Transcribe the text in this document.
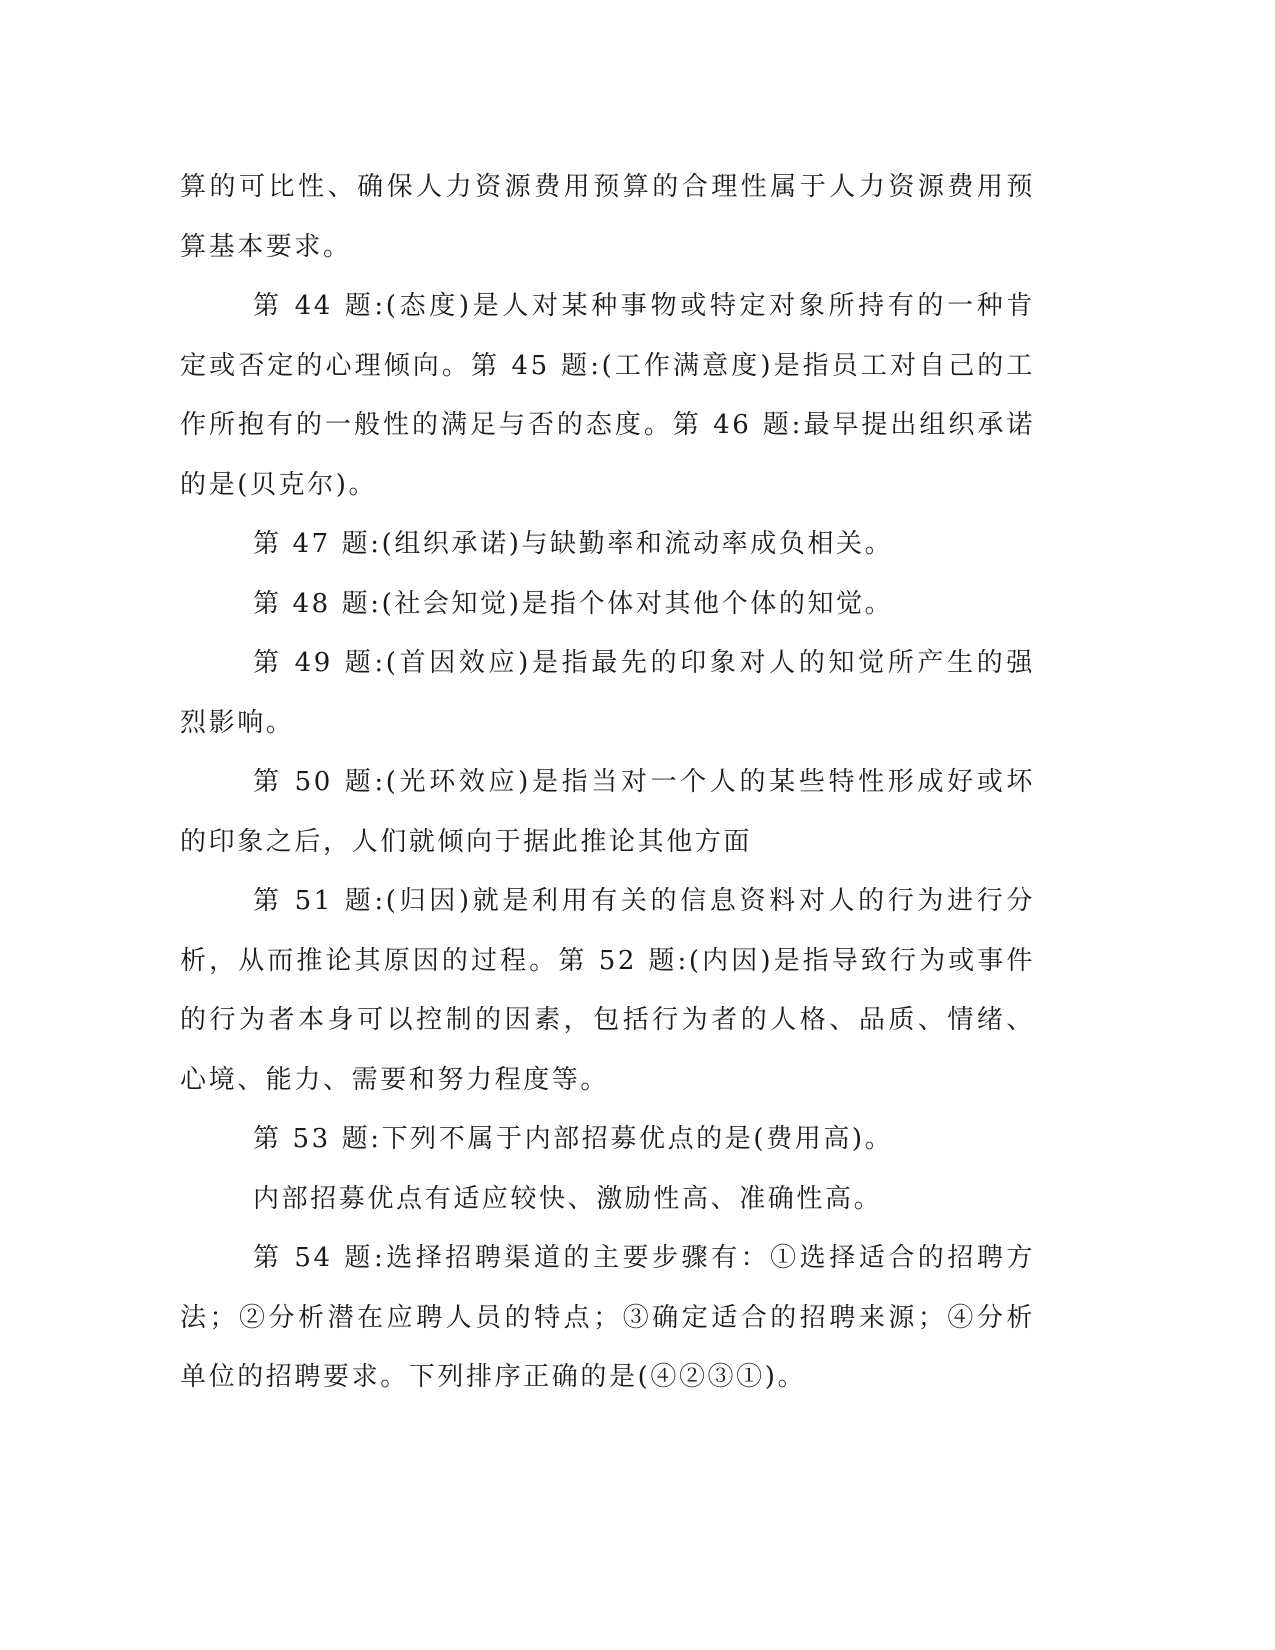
算的可比性、确保人力资源费用预算的合理性属于人力资源费用预算基本要求。

第 44 题:(态度)是人对某种事物或特定对象所持有的一种肯定或否定的心理倾向。第 45 题:(工作满意度)是指员工对自己的工作所抱有的一般性的满足与否的态度。第 46 题:最早提出组织承诺的是(贝克尔)。

第 47 题:(组织承诺)与缺勤率和流动率成负相关。

第 48 题:(社会知觉)是指个体对其他个体的知觉。

第 49 题:(首因效应)是指最先的印象对人的知觉所产生的强烈影响。

第 50 题:(光环效应)是指当对一个人的某些特性形成好或坏的印象之后，人们就倾向于据此推论其他方面

第 51 题:(归因)就是利用有关的信息资料对人的行为进行分析，从而推论其原因的过程。第 52 题:(内因)是指导致行为或事件的行为者本身可以控制的因素，包括行为者的人格、品质、情绪、心境、能力、需要和努力程度等。

第 53 题:下列不属于内部招募优点的是(费用高)。

内部招募优点有适应较快、激励性高、准确性高。

第 54 题:选择招聘渠道的主要步骤有：①选择适合的招聘方法；②分析潜在应聘人员的特点；③确定适合的招聘来源；④分析单位的招聘要求。下列排序正确的是(④②③①)。
